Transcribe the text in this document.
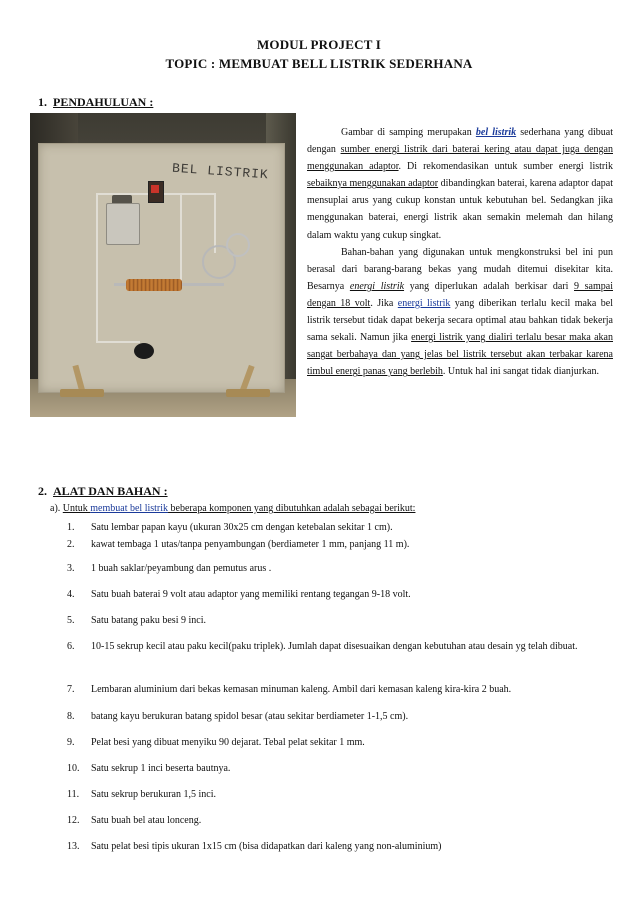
MODUL PROJECT I
TOPIC : MEMBUAT BELL LISTRIK SEDERHANA
1. PENDAHULUAN :
BEL LISTRIK

Gambar di samping merupakan bel listrik sederhana yang dibuat dengan sumber energi listrik dari baterai kering atau dapat juga dengan menggunakan adaptor. Di rekomendasikan untuk sumber energi listrik sebaiknya menggunakan adaptor dibandingkan baterai, karena adaptor dapat mensuplai arus yang cukup konstan untuk kebutuhan bel. Sedangkan jika menggunakan baterai, energi listrik akan semakin melemah dan hilang dalam waktu yang cukup singkat.

Bahan-bahan yang digunakan untuk mengkonstruksi bel ini pun berasal dari barang-barang bekas yang mudah ditemui disekitar kita. Besarnya energi listrik yang diperlukan adalah berkisar dari 9 sampai dengan 18 volt. Jika energi listrik yang diberikan terlalu kecil maka bel listrik tersebut tidak dapat bekerja secara optimal atau bahkan tidak bekerja sama sekali. Namun jika energi listrik yang dialiri terlalu besar maka akan sangat berbahaya dan yang jelas bel listrik tersebut akan terbakar karena timbul energi panas yang berlebih. Untuk hal ini sangat tidak dianjurkan.

2. ALAT DAN BAHAN :
a). Untuk membuat bel listrik beberapa komponen yang dibutuhkan adalah sebagai berikut:
1.	Satu lembar papan kayu (ukuran 30x25 cm dengan ketebalan sekitar 1 cm).
2.	kawat tembaga 1 utas/tanpa penyambungan (berdiameter 1 mm, panjang 11 m).
3.	1 buah saklar/peyambung dan pemutus arus .
4.	Satu buah baterai 9 volt atau adaptor yang memiliki rentang tegangan 9-18 volt.
5.	Satu batang paku besi 9 inci.
6.	10-15 sekrup kecil atau paku kecil(paku triplek). Jumlah dapat disesuaikan dengan kebutuhan atau desain yg telah dibuat.
7.	Lembaran aluminium dari bekas kemasan minuman kaleng. Ambil dari kemasan kaleng kira-kira 2 buah.
8.	batang kayu berukuran batang spidol besar (atau sekitar berdiameter 1-1,5 cm).
9.	Pelat besi yang dibuat menyiku 90 dejarat. Tebal pelat sekitar 1 mm.
10.	Satu sekrup 1 inci beserta bautnya.
11.	Satu sekrup berukuran 1,5 inci.
12.	Satu buah bel atau lonceng.
13.	Satu pelat besi tipis ukuran 1x15 cm (bisa didapatkan dari kaleng yang non-aluminium)
